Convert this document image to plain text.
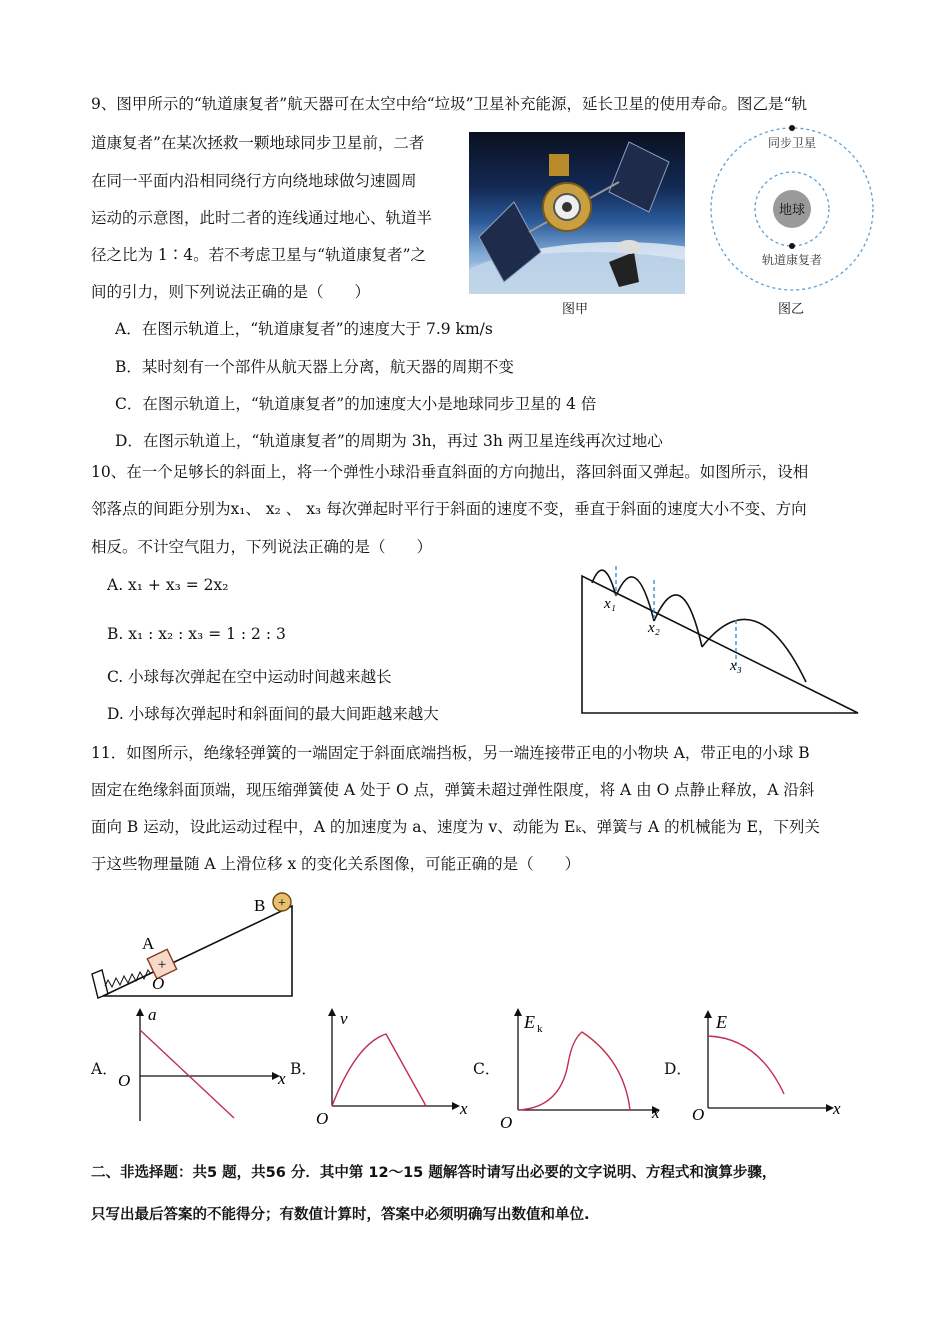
9、图甲所示的“轨道康复者”航天器可在太空中给“垃圾”卫星补充能源，延长卫星的使用寿命。图乙是“轨
道康复者”在某次拯救一颗地球同步卫星前，二者
在同一平面内沿相同绕行方向绕地球做匀速圆周
运动的示意图，此时二者的连线通过地心、轨道半
径之比为 1∶4。若不考虑卫星与“轨道康复者”之
间的引力，则下列说法正确的是（　　）
图甲
同步卫星
地球
轨道康复者
图乙
A．在图示轨道上，“轨道康复者”的速度大于 7.9 km/s
B．某时刻有一个部件从航天器上分离，航天器的周期不变
C．在图示轨道上，“轨道康复者”的加速度大小是地球同步卫星的 4 倍
D．在图示轨道上，“轨道康复者”的周期为 3h，再过 3h 两卫星连线再次过地心
10、在一个足够长的斜面上，将一个弹性小球沿垂直斜面的方向抛出，落回斜面又弹起。如图所示，设相
邻落点的间距分别为x₁、 x₂ 、 x₃ 每次弹起时平行于斜面的速度不变，垂直于斜面的速度大小不变、方向
相反。不计空气阻力，下列说法正确的是（　　）
A. x₁ + x₃ = 2x₂
B. x₁ : x₂ : x₃ = 1 : 2 : 3
C. 小球每次弹起在空中运动时间越来越长
D. 小球每次弹起时和斜面间的最大间距越来越大
x₁
x₂
x₃
11．如图所示，绝缘轻弹簧的一端固定于斜面底端挡板，另一端连接带正电的小物块 A，带正电的小球 B
固定在绝缘斜面顶端，现压缩弹簧使 A 处于 O 点，弹簧未超过弹性限度，将 A 由 O 点静止释放，A 沿斜
面向 B 运动，设此运动过程中，A 的加速度为 a、速度为 v、动能为 Eₖ、弹簧与 A 的机械能为 E，下列关
于这些物理量随 A 上滑位移 x 的变化关系图像，可能正确的是（　　）
+
A
O
+
B
A．
a
x
O
B．
v
x
O
C．
E k
x
O
D．
E
x
O
二、非选择题：共5 题，共56 分．其中第 12～15 题解答时请写出必要的文字说明、方程式和演算步骤，
只写出最后答案的不能得分；有数值计算时，答案中必须明确写出数值和单位.
